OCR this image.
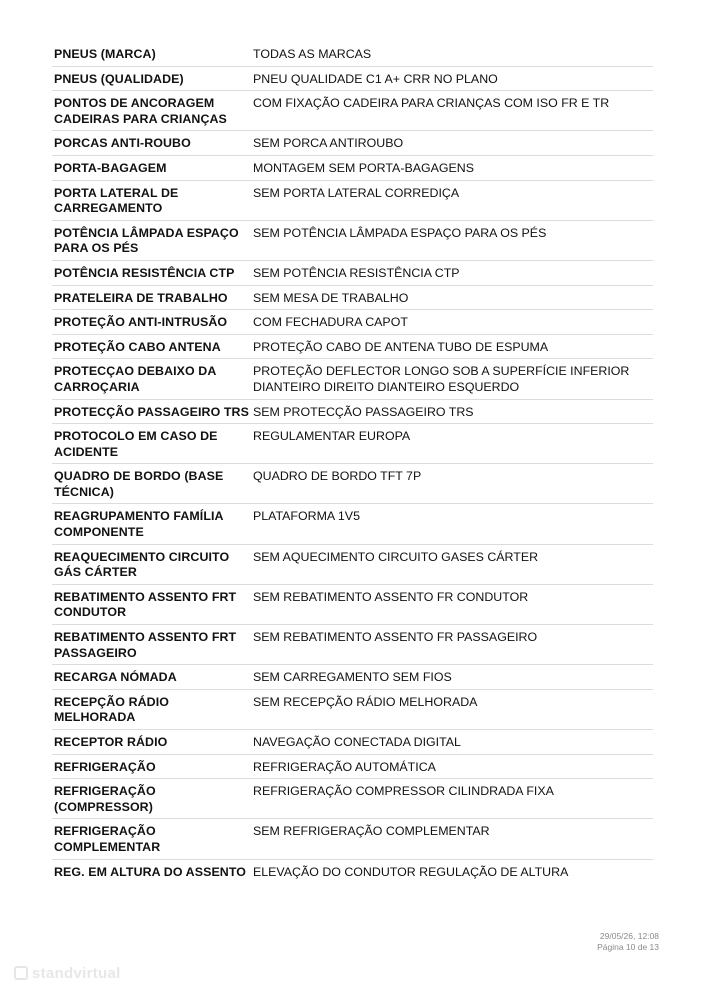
PNEUS (MARCA)	TODAS AS MARCAS
PNEUS (QUALIDADE)	PNEU QUALIDADE C1 A+ CRR NO PLANO
PONTOS DE ANCORAGEM CADEIRAS PARA CRIANÇAS	COM FIXAÇÃO CADEIRA PARA CRIANÇAS COM ISO FR E TR
PORCAS ANTI-ROUBO	SEM PORCA ANTIROUBO
PORTA-BAGAGEM	MONTAGEM SEM PORTA-BAGAGENS
PORTA LATERAL DE CARREGAMENTO	SEM PORTA LATERAL CORREDIÇA
POTÊNCIA LÂMPADA ESPAÇO PARA OS PÉS	SEM POTÊNCIA LÂMPADA ESPAÇO PARA OS PÉS
POTÊNCIA RESISTÊNCIA CTP	SEM POTÊNCIA RESISTÊNCIA CTP
PRATELEIRA DE TRABALHO	SEM MESA DE TRABALHO
PROTEÇÃO ANTI-INTRUSÃO	COM FECHADURA CAPOT
PROTEÇÃO CABO ANTENA	PROTEÇÃO CABO DE ANTENA TUBO DE ESPUMA
PROTECÇAO DEBAIXO DA CARROÇARIA	PROTEÇÃO DEFLECTOR LONGO SOB A SUPERFÍCIE INFERIOR DIANTEIRO DIREITO DIANTEIRO ESQUERDO
PROTECÇÃO PASSAGEIRO TRS	SEM PROTECÇÃO PASSAGEIRO TRS
PROTOCOLO EM CASO DE ACIDENTE	REGULAMENTAR EUROPA
QUADRO DE BORDO (BASE TÉCNICA)	QUADRO DE BORDO TFT 7P
REAGRUPAMENTO FAMÍLIA COMPONENTE	PLATAFORMA 1V5
REAQUECIMENTO CIRCUITO GÁS CÁRTER	SEM AQUECIMENTO CIRCUITO GASES CÁRTER
REBATIMENTO ASSENTO FRT CONDUTOR	SEM REBATIMENTO ASSENTO FR CONDUTOR
REBATIMENTO ASSENTO FRT PASSAGEIRO	SEM REBATIMENTO ASSENTO FR PASSAGEIRO
RECARGA NÓMADA	SEM CARREGAMENTO SEM FIOS
RECEPÇÃO RÁDIO MELHORADA	SEM RECEPÇÃO RÁDIO MELHORADA
RECEPTOR RÁDIO	NAVEGAÇÃO CONECTADA DIGITAL
REFRIGERAÇÃO	REFRIGERAÇÃO AUTOMÁTICA
REFRIGERAÇÃO (COMPRESSOR)	REFRIGERAÇÃO COMPRESSOR CILINDRADA FIXA
REFRIGERAÇÃO COMPLEMENTAR	SEM REFRIGERAÇÃO COMPLEMENTAR
REG. EM ALTURA DO ASSENTO	ELEVAÇÃO DO CONDUTOR REGULAÇÃO DE ALTURA
29/05/26, 12:08
Página 10 de 13
standvirtual
